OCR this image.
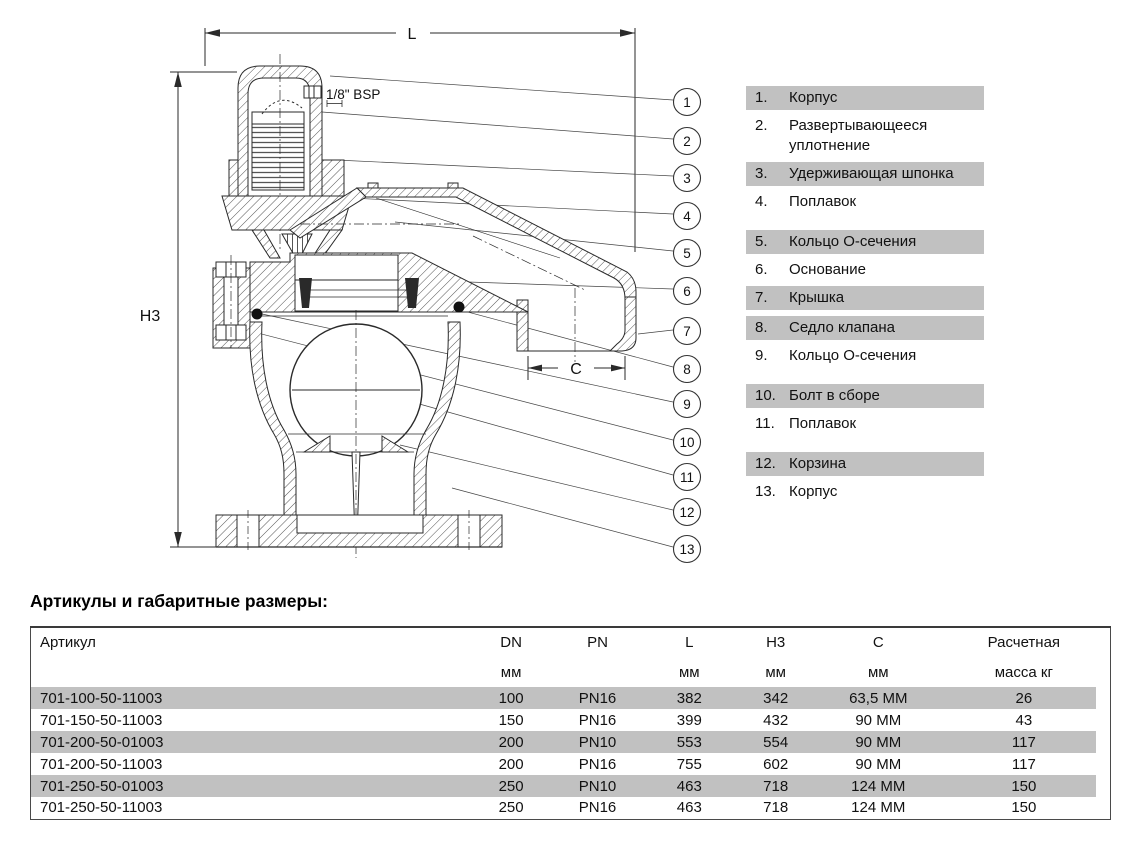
L
H3
C
1/8" BSP
1
2
3
4
5
6
7
8
9
10
11
12
13
1.	Корпус
2.	Развертывающееся уплотнение
3.	Удерживающая шпонка
4.	Поплавок
5.	Кольцо О-сечения
6.	Основание
7.	Крышка
8.	Седло клапана
9.	Кольцо О-сечения
10. Болт в сборе
11. Поплавок
12. Корзина
13. Корпус
Артикулы и габаритные размеры:
Артикул	DN	PN	L	H3	C	Расчетная
	мм		мм	мм	мм	масса кг
701-100-50-11003	100	PN16	382	342	63,5 ММ	26
701-150-50-11003	150	PN16	399	432	90 ММ	43
701-200-50-01003	200	PN10	553	554	90 ММ	117
701-200-50-11003	200	PN16	755	602	90 ММ	117
701-250-50-01003	250	PN10	463	718	124 ММ	150
701-250-50-11003	250	PN16	463	718	124 ММ	150
